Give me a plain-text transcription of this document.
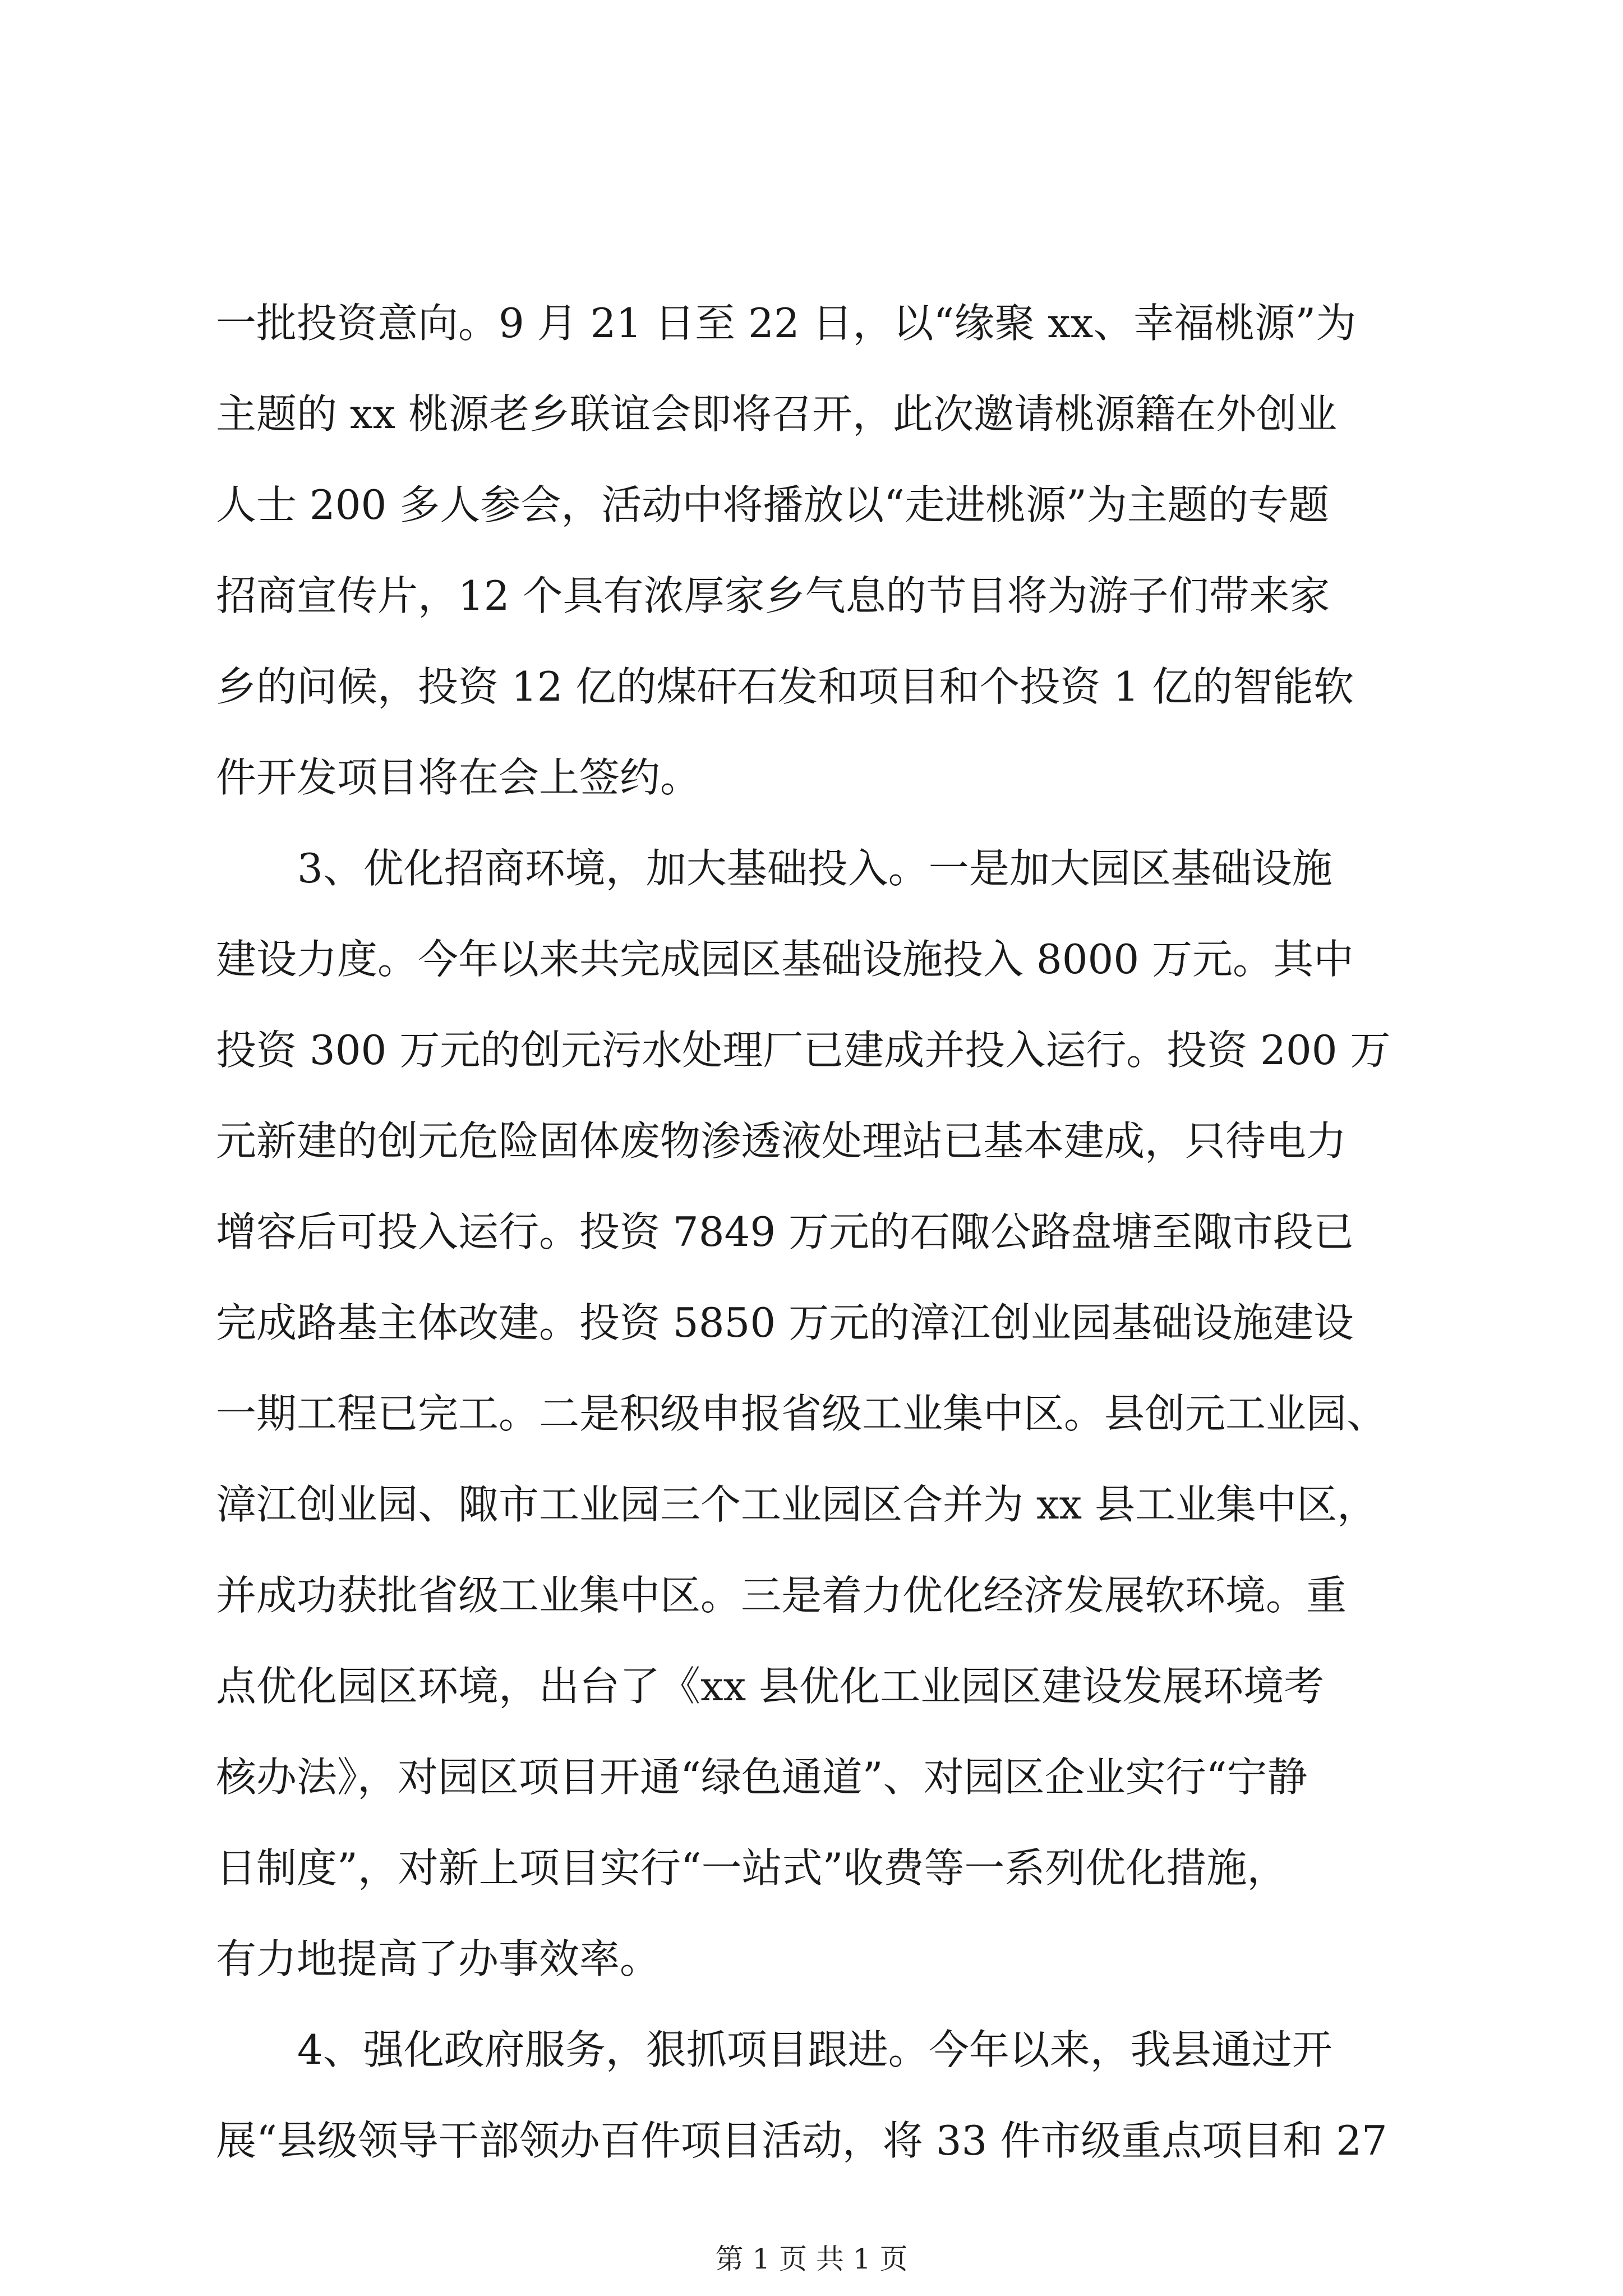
一批投资意向。9 月 21 日至 22 日，以“缘聚 xx、幸福桃源”为
主题的 xx 桃源老乡联谊会即将召开，此次邀请桃源籍在外创业
人士 200 多人参会，活动中将播放以“走进桃源”为主题的专题
招商宣传片，12 个具有浓厚家乡气息的节目将为游子们带来家
乡的问候，投资 12 亿的煤矸石发和项目和个投资 1 亿的智能软
件开发项目将在会上签约。
3、优化招商环境，加大基础投入。一是加大园区基础设施
建设力度。今年以来共完成园区基础设施投入 8000 万元。其中
投资 300 万元的创元污水处理厂已建成并投入运行。投资 200 万
元新建的创元危险固体废物渗透液处理站已基本建成，只待电力
增容后可投入运行。投资 7849 万元的石陬公路盘塘至陬市段已
完成路基主体改建。投资 5850 万元的漳江创业园基础设施建设
一期工程已完工。二是积级申报省级工业集中区。县创元工业园、
漳江创业园、陬市工业园三个工业园区合并为 xx 县工业集中区，
并成功获批省级工业集中区。三是着力优化经济发展软环境。重
点优化园区环境，出台了《xx 县优化工业园区建设发展环境考
核办法》，对园区项目开通“绿色通道”、对园区企业实行“宁静
日制度”，对新上项目实行“一站式”收费等一系列优化措施，
有力地提高了办事效率。
4、强化政府服务，狠抓项目跟进。今年以来，我县通过开
展“县级领导干部领办百件项目活动，将 33 件市级重点项目和 27
第 1 页 共 1 页
